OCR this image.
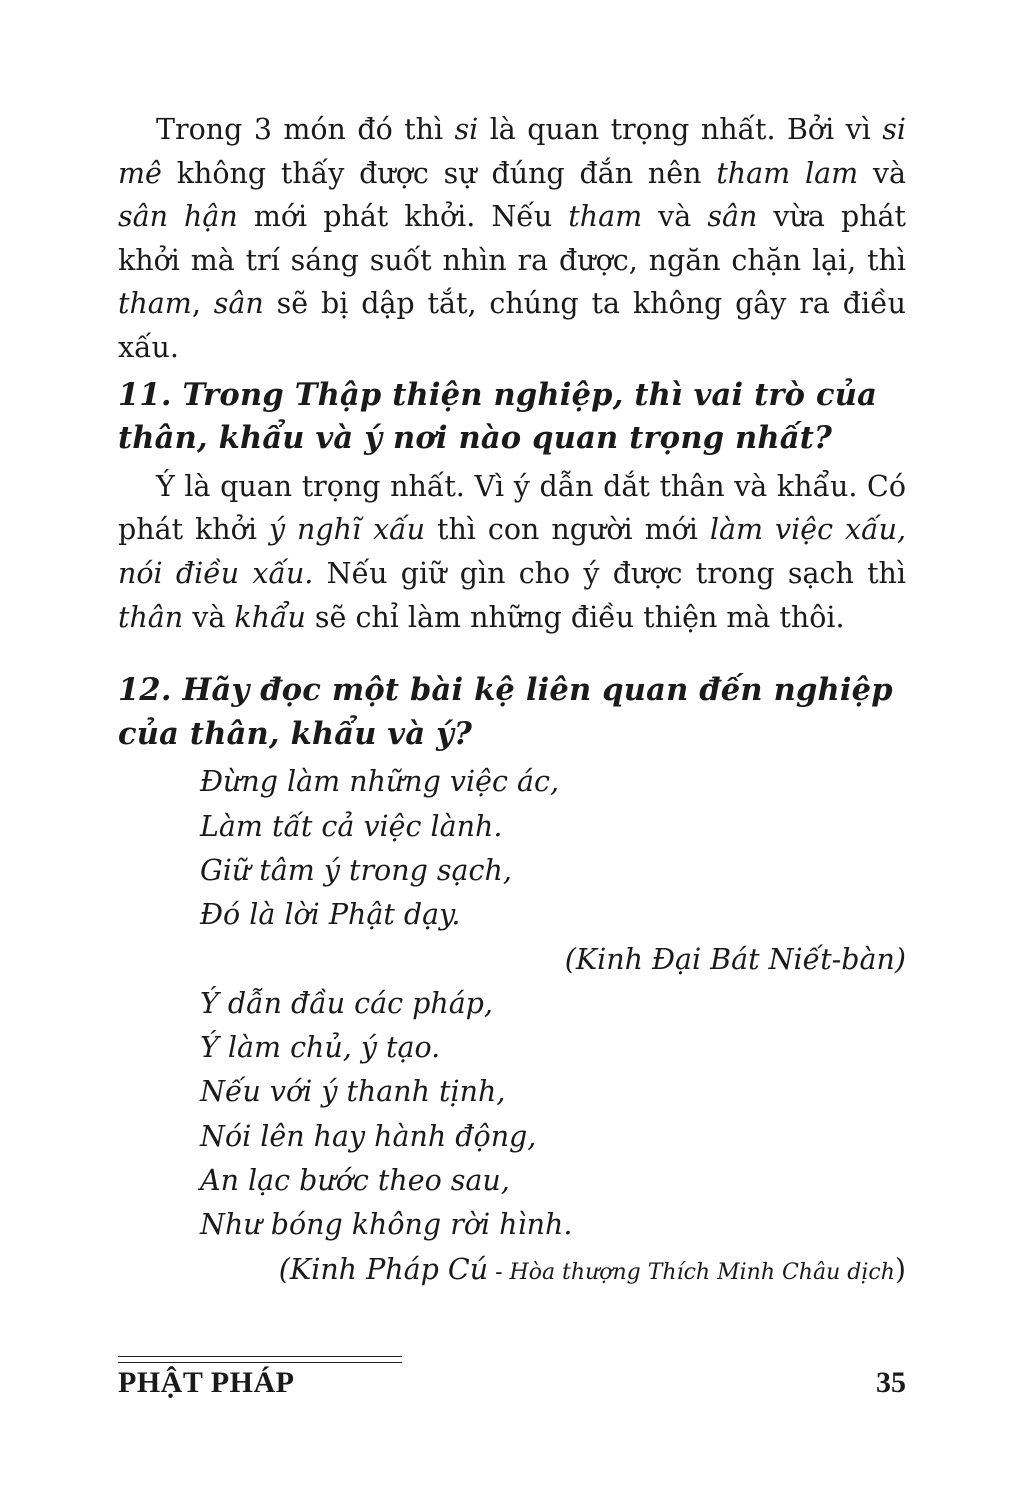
Trong 3 món đó thì si là quan trọng nhất. Bởi vì si mê không thấy được sự đúng đắn nên tham lam và sân hận mới phát khởi. Nếu tham và sân vừa phát khởi mà trí sáng suốt nhìn ra được, ngăn chặn lại, thì tham, sân sẽ bị dập tắt, chúng ta không gây ra điều xấu.

11. Trong Thập thiện nghiệp, thì vai trò của thân, khẩu và ý nơi nào quan trọng nhất?

Ý là quan trọng nhất. Vì ý dẫn dắt thân và khẩu. Có phát khởi ý nghĩ xấu thì con người mới làm việc xấu, nói điều xấu. Nếu giữ gìn cho ý được trong sạch thì thân và khẩu sẽ chỉ làm những điều thiện mà thôi.

12. Hãy đọc một bài kệ liên quan đến nghiệp của thân, khẩu và ý?
Đừng làm những việc ác,
Làm tất cả việc lành.
Giữ tâm ý trong sạch,
Đó là lời Phật dạy.

(Kinh Đại Bát Niết-bàn)

Ý dẫn đầu các pháp,
Ý làm chủ, ý tạo.
Nếu với ý thanh tịnh,
Nói lên hay hành động,
An lạc bước theo sau,
Như bóng không rời hình.

(Kinh Pháp Cú - Hòa thượng Thích Minh Châu dịch)

PHẬT PHÁP	35
